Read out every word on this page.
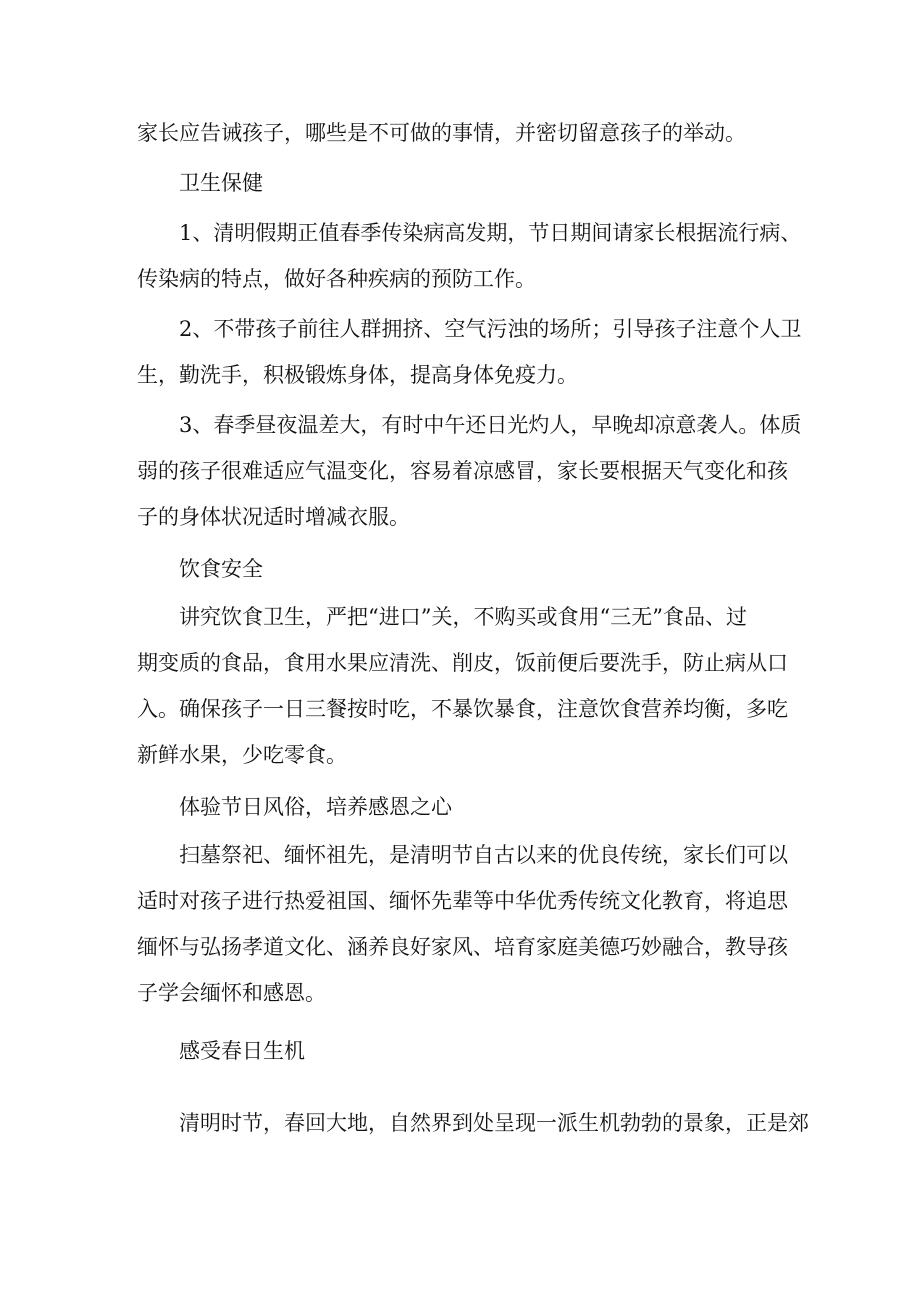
家长应告诫孩子，哪些是不可做的事情，并密切留意孩子的举动。

卫生保健

1、清明假期正值春季传染病高发期，节日期间请家长根据流行病、

传染病的特点，做好各种疾病的预防工作。

2、不带孩子前往人群拥挤、空气污浊的场所；引导孩子注意个人卫

生，勤洗手，积极锻炼身体，提高身体免疫力。

3、春季昼夜温差大，有时中午还日光灼人，早晚却凉意袭人。体质

弱的孩子很难适应气温变化，容易着凉感冒，家长要根据天气变化和孩

子的身体状况适时增减衣服。

饮食安全

讲究饮食卫生，严把“进口”关，不购买或食用“三无”食品、过

期变质的食品，食用水果应清洗、削皮，饭前便后要洗手，防止病从口

入。确保孩子一日三餐按时吃，不暴饮暴食，注意饮食营养均衡，多吃

新鲜水果，少吃零食。

体验节日风俗，培养感恩之心

扫墓祭祀、缅怀祖先，是清明节自古以来的优良传统，家长们可以

适时对孩子进行热爱祖国、缅怀先辈等中华优秀传统文化教育，将追思

缅怀与弘扬孝道文化、涵养良好家风、培育家庭美德巧妙融合，教导孩

子学会缅怀和感恩。

感受春日生机

清明时节，春回大地，自然界到处呈现一派生机勃勃的景象，正是郊
